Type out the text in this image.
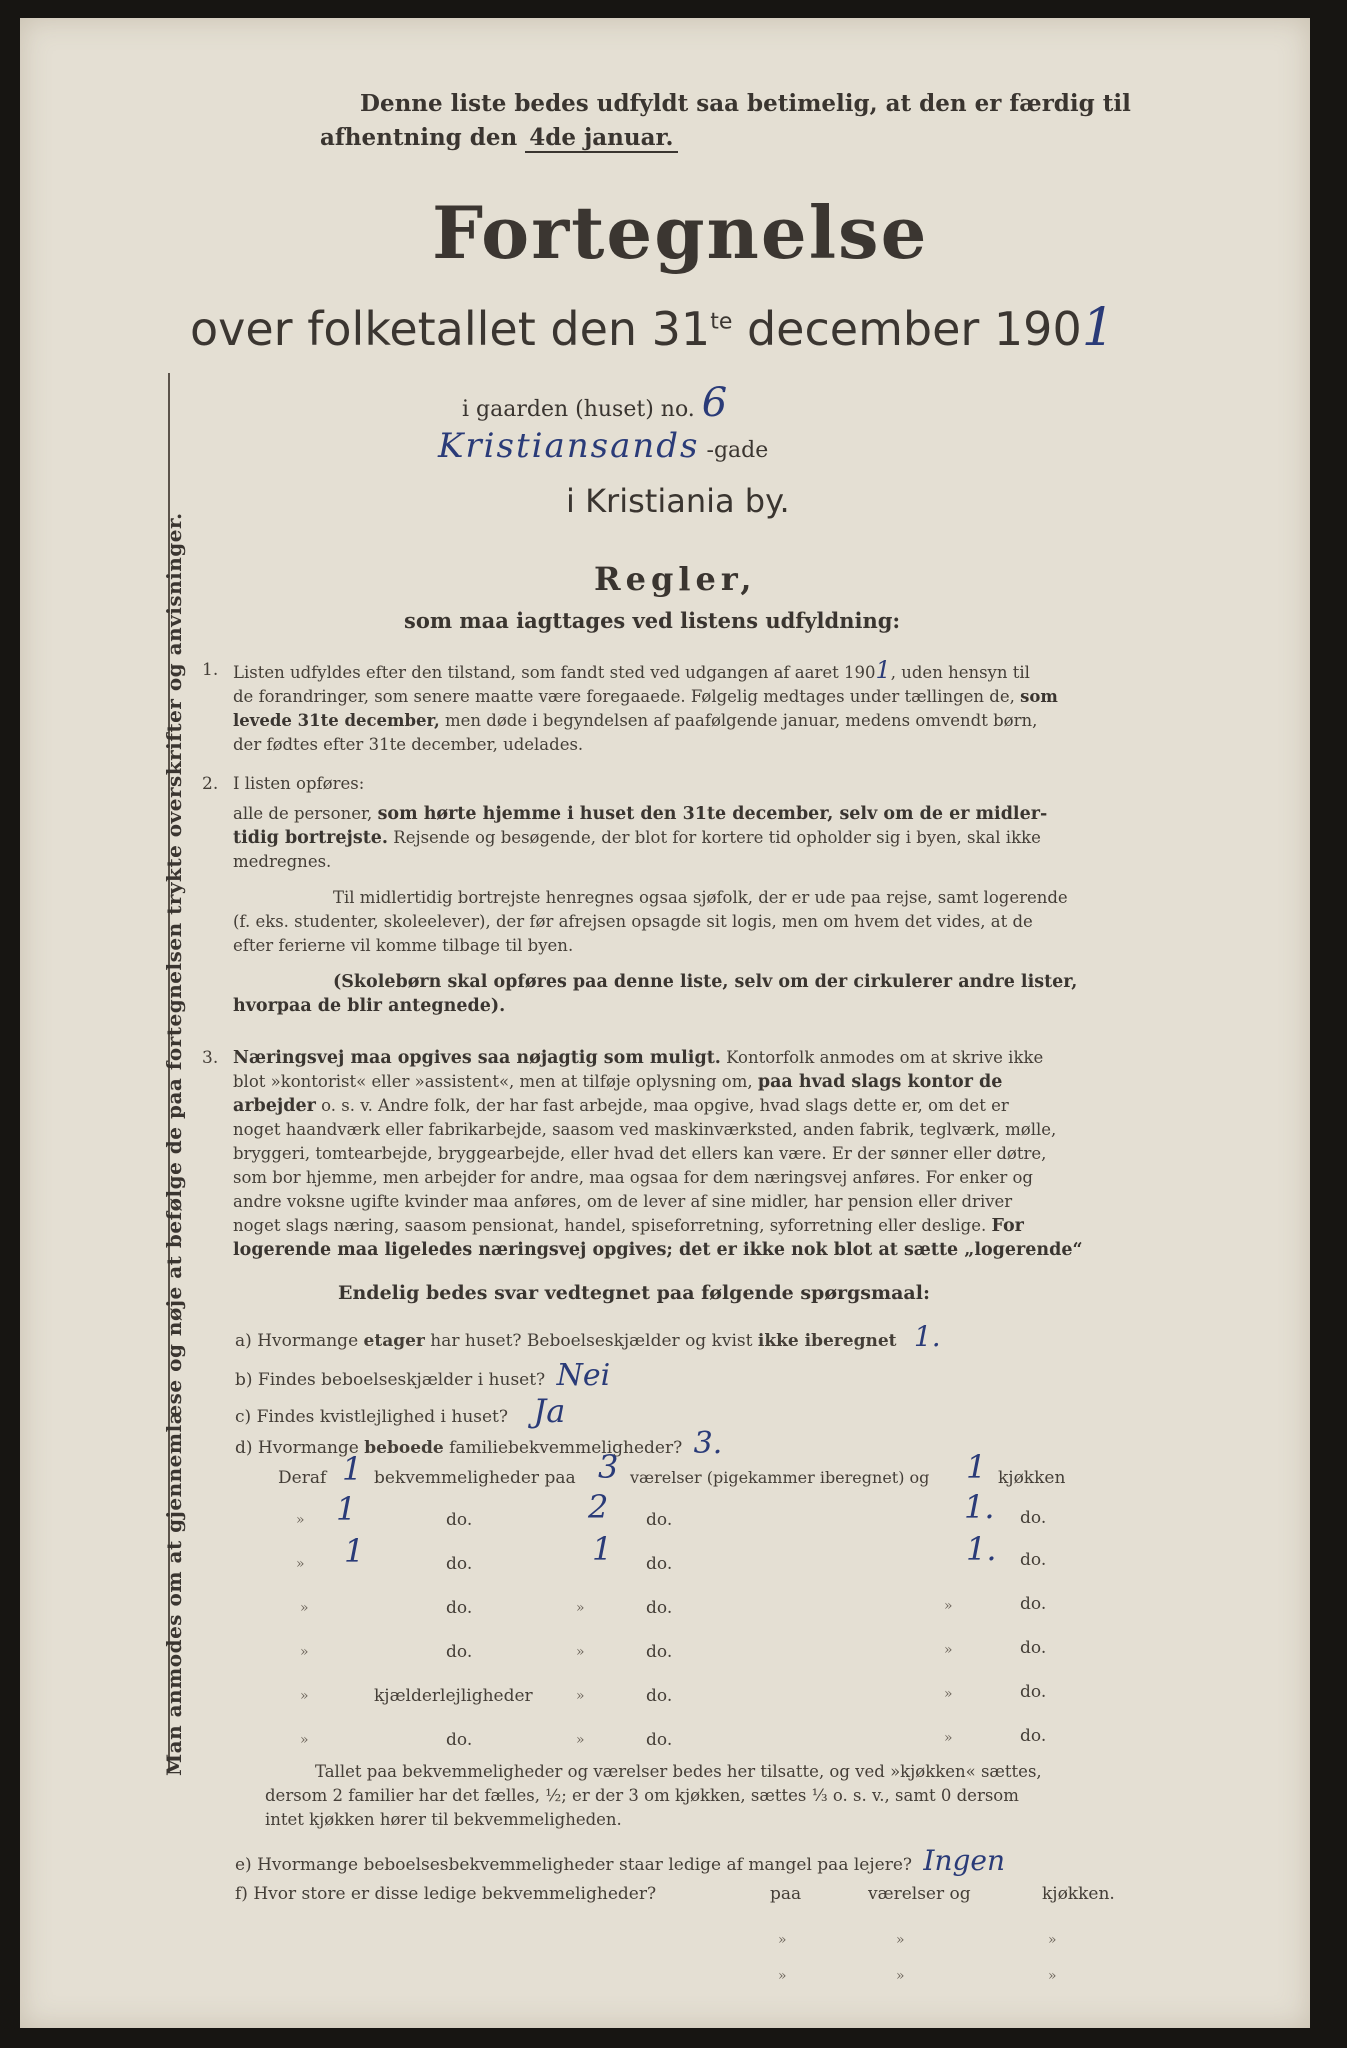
Man anmodes om at gjennemlæse og nøje at befølge de paa fortegnelsen trykte overskrifter og anvisninger.
Denne liste bedes udfyldt saa betimelig, at den er færdig til
afhentning den 4de januar.
Fortegnelse
over folketallet den $31^{te}$ december 1901
i gaarden (huset) no. 6
Kristiansands -gade
i Kristiania by.
Regler,
som maa iagttages ved listens udfyldning:
1. Listen udfyldes efter den tilstand, som fandt sted ved udgangen af aaret 1901, uden hensyn til
de forandringer, som senere maatte være foregaaede. Følgelig medtages under tællingen de, som
levede 31te december, men døde i begyndelsen af paafølgende januar, medens omvendt børn,
der fødtes efter 31te december, udelades.
2. I listen opføres:
alle de personer, som hørte hjemme i huset den 31te december, selv om de er midler-
tidig bortrejste. Rejsende og besøgende, der blot for kortere tid opholder sig i byen, skal ikke
medregnes.
Til midlertidig bortrejste henregnes ogsaa sjøfolk, der er ude paa rejse, samt logerende
(f. eks. studenter, skoleelever), der før afrejsen opsagde sit logis, men om hvem det vides, at de
efter ferierne vil komme tilbage til byen.
(Skolebørn skal opføres paa denne liste, selv om der cirkulerer andre lister,
hvorpaa de blir antegnede).
3. Næringsvej maa opgives saa nøjagtig som muligt. Kontorfolk anmodes om at skrive ikke
blot »kontorist« eller »assistent«, men at tilføje oplysning om, paa hvad slags kontor de
arbejder o. s. v. Andre folk, der har fast arbejde, maa opgive, hvad slags dette er, om det er
noget haandværk eller fabrikarbejde, saasom ved maskinværksted, anden fabrik, teglværk, mølle,
bryggeri, tomtearbejde, bryggearbejde, eller hvad det ellers kan være. Er der sønner eller døtre,
som bor hjemme, men arbejder for andre, maa ogsaa for dem næringsvej anføres. For enker og
andre voksne ugifte kvinder maa anføres, om de lever af sine midler, har pension eller driver
noget slags næring, saasom pensionat, handel, spiseforretning, syforretning eller deslige. For
logerende maa ligeledes næringsvej opgives; det er ikke nok blot at sætte „logerende“
Endelig bedes svar vedtegnet paa følgende spørgsmaal:
a) Hvormange etager har huset? Beboelseskjælder og kvist ikke iberegnet 1.
b) Findes beboelseskjælder i huset? Nei
c) Findes kvistlejlighed i huset? Ja
d) Hvormange beboede familiebekvemmeligheder? 3.
Deraf 1 bekvemmeligheder paa 3 værelser (pigekammer iberegnet) og 1 kjøkken
» 1	do.	2 do.	1. do.
» 1	do.	1 do.	1. do.
»	do.	»	do.	»	do.
»	do.	»	do.	»	do.
»	kjælderlejligheder	»	do.	»	do.
»	do.	»	do.	»	do.
Tallet paa bekvemmeligheder og værelser bedes her tilsatte, og ved »kjøkken« sættes,
dersom 2 familier har det fælles, ½; er der 3 om kjøkken, sættes ⅓ o. s. v., samt 0 dersom
intet kjøkken hører til bekvemmeligheden.
e) Hvormange beboelsesbekvemmeligheder staar ledige af mangel paa lejere? Ingen
f) Hvor store er disse ledige bekvemmeligheder?	paa	værelser og	kjøkken.
»	»	»
»	»	»
